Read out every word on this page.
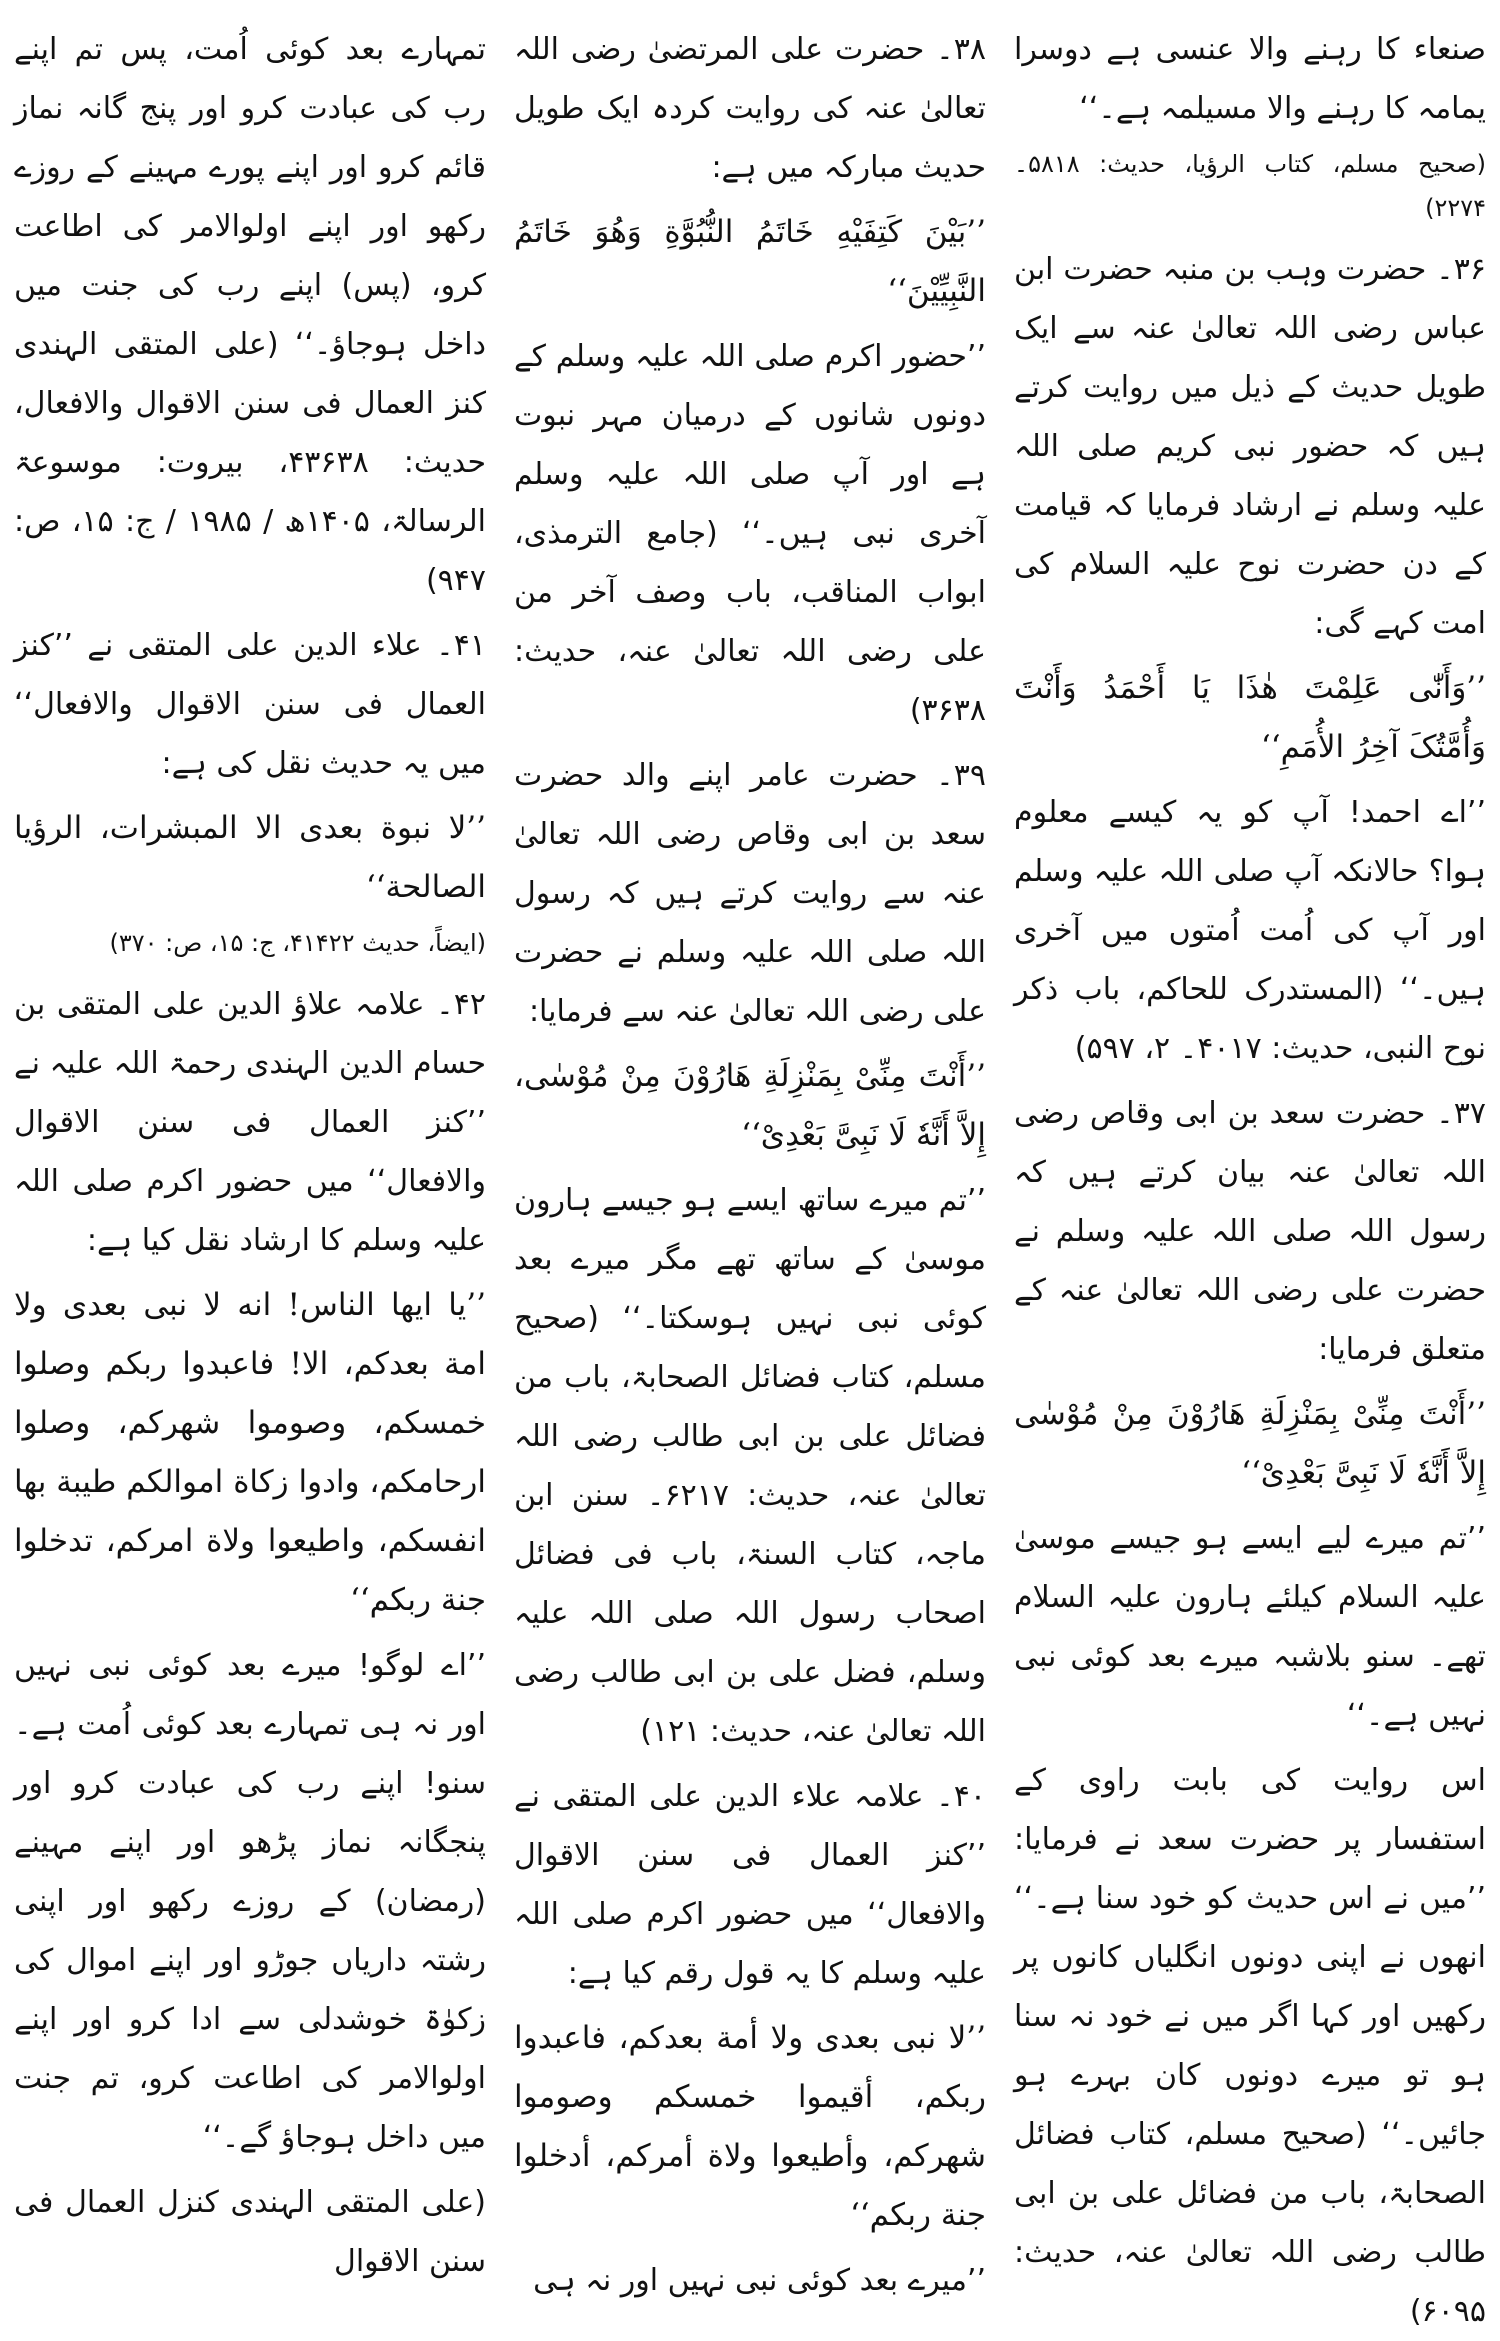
صنعاء کا رہنے والا عنسی ہے دوسرا یمامہ کا رہنے والا مسیلمہ ہے۔‘‘

(صحیح مسلم، کتاب الرؤیا، حدیث: ۵۸۱۸۔ ۲۲۷۴)

۳۶۔ حضرت وہب بن منبہ حضرت ابن عباس رضی اللہ تعالیٰ عنہ سے ایک طویل حدیث کے ذیل میں روایت کرتے ہیں کہ حضور نبی کریم صلی اللہ علیہ وسلم نے ارشاد فرمایا کہ قیامت کے دن حضرت نوح علیہ السلام کی امت کہے گی:

’’وَأَنّٰی عَلِمْتَ هٰذَا يَا أَحْمَدُ وَأَنْتَ وَأُمَّتُکَ آخِرُ الأُمَمِ‘‘

’’اے احمد! آپ کو یہ کیسے معلوم ہوا؟ حالانکہ آپ صلی اللہ علیہ وسلم اور آپ کی اُمت اُمتوں میں آخری ہیں۔‘‘ (المستدرک للحاکم، باب ذکر نوح النبی، حدیث: ۴۰۱۷۔ ۲، ۵۹۷)

۳۷۔ حضرت سعد بن ابی وقاص رضی اللہ تعالیٰ عنہ بیان کرتے ہیں کہ رسول اللہ صلی اللہ علیہ وسلم نے حضرت علی رضی اللہ تعالیٰ عنہ کے متعلق فرمایا:

’’أَنْتَ مِنِّیْ بِمَنْزِلَةِ هَارُوْنَ مِنْ مُوْسٰی إِلاَّ أَنَّهٗ لَا نَبِیَّ بَعْدِیْ‘‘

’’تم میرے لیے ایسے ہو جیسے موسیٰ علیہ السلام کیلئے ہارون علیہ السلام تھے۔ سنو بلاشبہ میرے بعد کوئی نبی نہیں ہے۔‘‘

اس روایت کی بابت راوی کے استفسار پر حضرت سعد نے فرمایا: ’’میں نے اس حدیث کو خود سنا ہے۔‘‘ انھوں نے اپنی دونوں انگلیاں کانوں پر رکھیں اور کہا اگر میں نے خود نہ سنا ہو تو میرے دونوں کان بہرے ہو جائیں۔‘‘ (صحیح مسلم، کتاب فضائل الصحابۃ، باب من فضائل علی بن ابی طالب رضی اللہ تعالیٰ عنہ، حدیث: ۶۰۹۵)

۳۸۔ حضرت علی المرتضیٰ رضی اللہ تعالیٰ عنہ کی روایت کردہ ایک طویل حدیث مبارکہ میں ہے:

’’بَيْنَ كَتِفَيْهِ خَاتَمُ النُّبُوَّةِ وَهُوَ خَاتَمُ النَّبِيِّيْنَ‘‘

’’حضور اکرم صلی اللہ علیہ وسلم کے دونوں شانوں کے درمیان مہر نبوت ہے اور آپ صلی اللہ علیہ وسلم آخری نبی ہیں۔‘‘ (جامع الترمذی، ابواب المناقب، باب وصف آخر من علی رضی اللہ تعالیٰ عنہ، حدیث: ۳۶۳۸)

۳۹۔ حضرت عامر اپنے والد حضرت سعد بن ابی وقاص رضی اللہ تعالیٰ عنہ سے روایت کرتے ہیں کہ رسول اللہ صلی اللہ علیہ وسلم نے حضرت علی رضی اللہ تعالیٰ عنہ سے فرمایا:

’’أَنْتَ مِنِّیْ بِمَنْزِلَةِ هَارُوْنَ مِنْ مُوْسٰی، إِلاَّ أَنَّهٗ لَا نَبِیَّ بَعْدِیْ‘‘

’’تم میرے ساتھ ایسے ہو جیسے ہارون موسیٰ کے ساتھ تھے مگر میرے بعد کوئی نبی نہیں ہوسکتا۔‘‘ (صحیح مسلم، کتاب فضائل الصحابۃ، باب من فضائل علی بن ابی طالب رضی اللہ تعالیٰ عنہ، حدیث: ۶۲۱۷۔ سنن ابن ماجہ، کتاب السنۃ، باب فی فضائل اصحاب رسول اللہ صلی اللہ علیہ وسلم، فضل علی بن ابی طالب رضی اللہ تعالیٰ عنہ، حدیث: ۱۲۱)

۴۰۔ علامہ علاء الدین علی المتقی نے ’’کنز العمال فی سنن الاقوال والافعال‘‘ میں حضور اکرم صلی اللہ علیہ وسلم کا یہ قول رقم کیا ہے:

’’لا نبی بعدی ولا أمة بعدکم، فاعبدوا ربکم، أقيموا خمسکم وصوموا شهرکم، وأطيعوا ولاة أمرکم، أدخلوا جنة ربکم‘‘

’’میرے بعد کوئی نبی نہیں اور نہ ہی

تمہارے بعد کوئی اُمت، پس تم اپنے رب کی عبادت کرو اور پنج گانہ نماز قائم کرو اور اپنے پورے مہینے کے روزے رکھو اور اپنے اولوالامر کی اطاعت کرو، (پس) اپنے رب کی جنت میں داخل ہوجاؤ۔‘‘ (علی المتقی الہندی کنز العمال فی سنن الاقوال والافعال، حدیث: ۴۳۶۳۸، بیروت: موسوعۃ الرسالۃ، ۱۴۰۵ھ / ۱۹۸۵ / ج: ۱۵، ص: ۹۴۷)

۴۱۔ علاء الدین علی المتقی نے ’’کنز العمال فی سنن الاقوال والافعال‘‘ میں یہ حدیث نقل کی ہے:

’’لا نبوة بعدی الا المبشرات، الرؤيا الصالحة‘‘

(ایضاً، حدیث ۴۱۴۲۲، ج: ۱۵، ص: ۳۷۰)

۴۲۔ علامہ علاؤ الدین علی المتقی بن حسام الدین الہندی رحمۃ اللہ علیہ نے ’’کنز العمال فی سنن الاقوال والافعال‘‘ میں حضور اکرم صلی اللہ علیہ وسلم کا ارشاد نقل کیا ہے:

’’يا ايها الناس! انه لا نبی بعدی ولا امة بعدکم، الا! فاعبدوا ربکم وصلوا خمسکم، وصوموا شهرکم، وصلوا ارحامکم، وادوا زکاة اموالکم طيبة بها انفسکم، واطيعوا ولاة امرکم، تدخلوا جنة ربکم‘‘

’’اے لوگو! میرے بعد کوئی نبی نہیں اور نہ ہی تمہارے بعد کوئی اُمت ہے۔ سنو! اپنے رب کی عبادت کرو اور پنجگانہ نماز پڑھو اور اپنے مہینے (رمضان) کے روزے رکھو اور اپنی رشتہ داریاں جوڑو اور اپنے اموال کی زکوٰۃ خوشدلی سے ادا کرو اور اپنے اولوالامر کی اطاعت کرو، تم جنت میں داخل ہوجاؤ گے۔‘‘

(علی المتقی الہندی کنزل العمال فی سنن الاقوال
